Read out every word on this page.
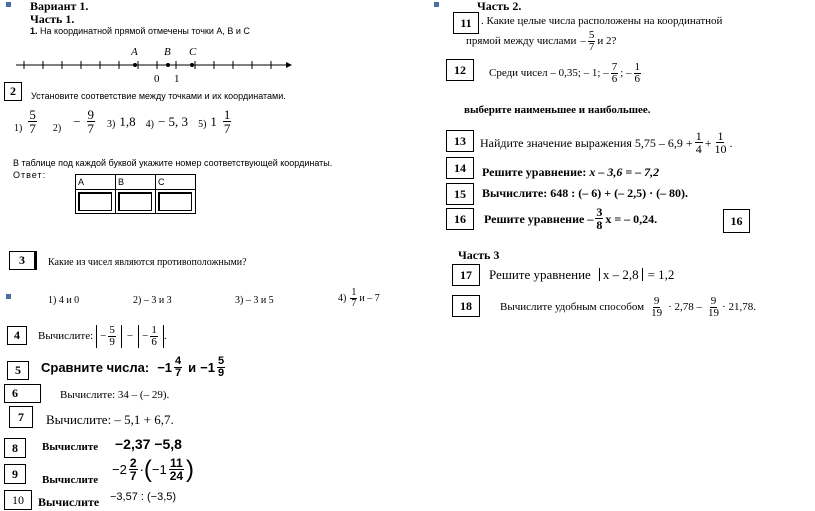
Вариант 1.
Часть 1.
1. На координатной прямой отмечены точки А, В и С
A B C
0 1
2	Установите соответствие между точками и их координатами.
$1) \frac{5}{7} 2) - \frac{9}{7} 3$) 1,8 4) − 5, 3 5) $1 \frac{1}{7}$
В таблице под каждой буквой укажите номер соответствующей координаты.
Ответ:
A	B	C

3	Какие из чисел являются противоположными?
1) 4 и 0	2) – 3 и 3	3) – 3 и 5	$4) \frac{1}{7}$ и – 7
4	Вычислите: − $\frac{5}{9}$ − − $\frac{1}{6}$ .
5	Сравните числа: $-1 \frac{4}{7}$ $и -1 \frac{5}{9}$
6	Вычислите: 34 – (– 29).
7	Вычислите: – 5,1 + 6,7.
8	Вычислите −2,37 −5,8
9	Вычислите
$-2 \frac{2}{7}$ · ( $-1 \frac{11}{24}$ )
10	Вычислите −3,57 : (−3,5)
Часть 2.
11 . Какие целые числа расположены на координатной
прямой между числами – $\frac{5}{7}$ и 2?
12	Среди чисел – 0,35; – 1; – $\frac{7}{6}$ ; – $\frac{1}{6}$
выберите наименьшее и наибольшее.
13	Найдите значение выражения $5,75 - 6,9 + \frac{1}{4} + \frac{1}{10}$ .
14	Решите уравнение: x – 3,6 = – 7,2
15	Вычислите: 648 : (– 6) + (– 2,5) · (– 80).
16	Решите уравнение – $\frac{3}{8}$ x = – 0,24.	16
Часть 3
17	Решите уравнение x – 2,8 = 1,2
18	Вычислите удобным способом $\frac{9}{19} \cdot 2,78 - \frac{9}{19} \cdot 21,78$.
